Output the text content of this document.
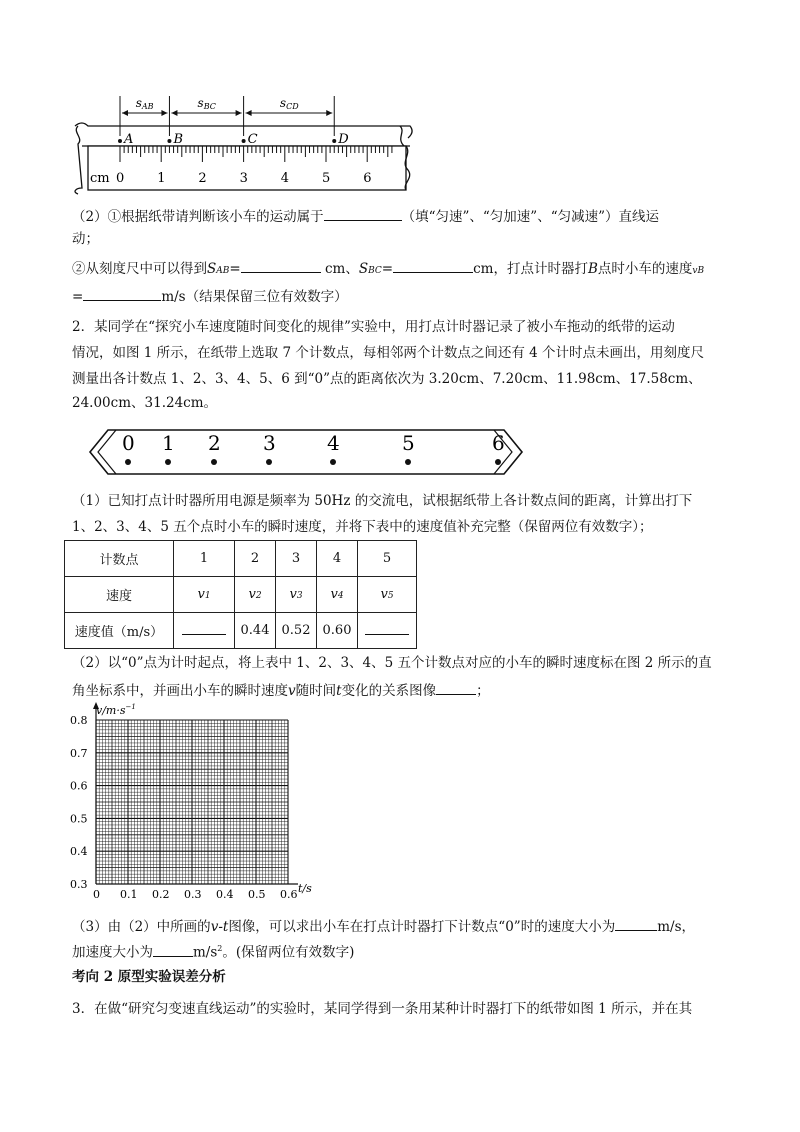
0	1	2	3	4	5	6
cm
A	B	C	D
sAB	sBC	sCD
（2）①根据纸带请判断该小车的运动属于	（填“匀速”、“匀加速”、“匀减速”）直线运
动；
②从刻度尺中可以得到SAB=	cm、SBC=	cm，打点计时器打B点时小车的速度vB
=	m/s（结果保留三位有效数字）
2．某同学在“探究小车速度随时间变化的规律”实验中，用打点计时器记录了被小车拖动的纸带的运动
情况，如图 1 所示，在纸带上选取 7 个计数点，每相邻两个计数点之间还有 4 个计时点未画出，用刻度尺
测量出各计数点 1、2、3、4、5、6 到“0”点的距离依次为 3.20cm、7.20cm、11.98cm、17.58cm、
24.00cm、31.24cm。
0 1 2 3	4	5	6
（1）已知打点计时器所用电源是频率为 50Hz 的交流电，试根据纸带上各计数点间的距离，计算出打下
1、2、3、4、5 五个点时小车的瞬时速度，并将下表中的速度值补充完整（保留两位有效数字）；
计数点	1	2	3	4	5
速度	v1	v2	v3	v4	v5
速度值（m/s）		0.44	0.52	0.60	
（2）以“0”点为计时起点，将上表中 1、2、3、4、5 五个计数点对应的小车的瞬时速度标在图 2 所示的直
角坐标系中，并画出小车的瞬时速度v随时间t变化的关系图像	；
$v/m\cdot s^{-1}$
t/s
0.8
0.7
0.6
0.5
0.4
0.3
0 0.1 0.2 0.3 0.4 0.5 0.6
（3）由（2）中所画的v-t图像，可以求出小车在打点计时器打下计数点“0”时的速度大小为	m/s，
加速度大小为	$m/s^2$。(保留两位有效数字)
考向 2 原型实验误差分析
3．在做“研究匀变速直线运动”的实验时，某同学得到一条用某种计时器打下的纸带如图 1 所示，并在其
